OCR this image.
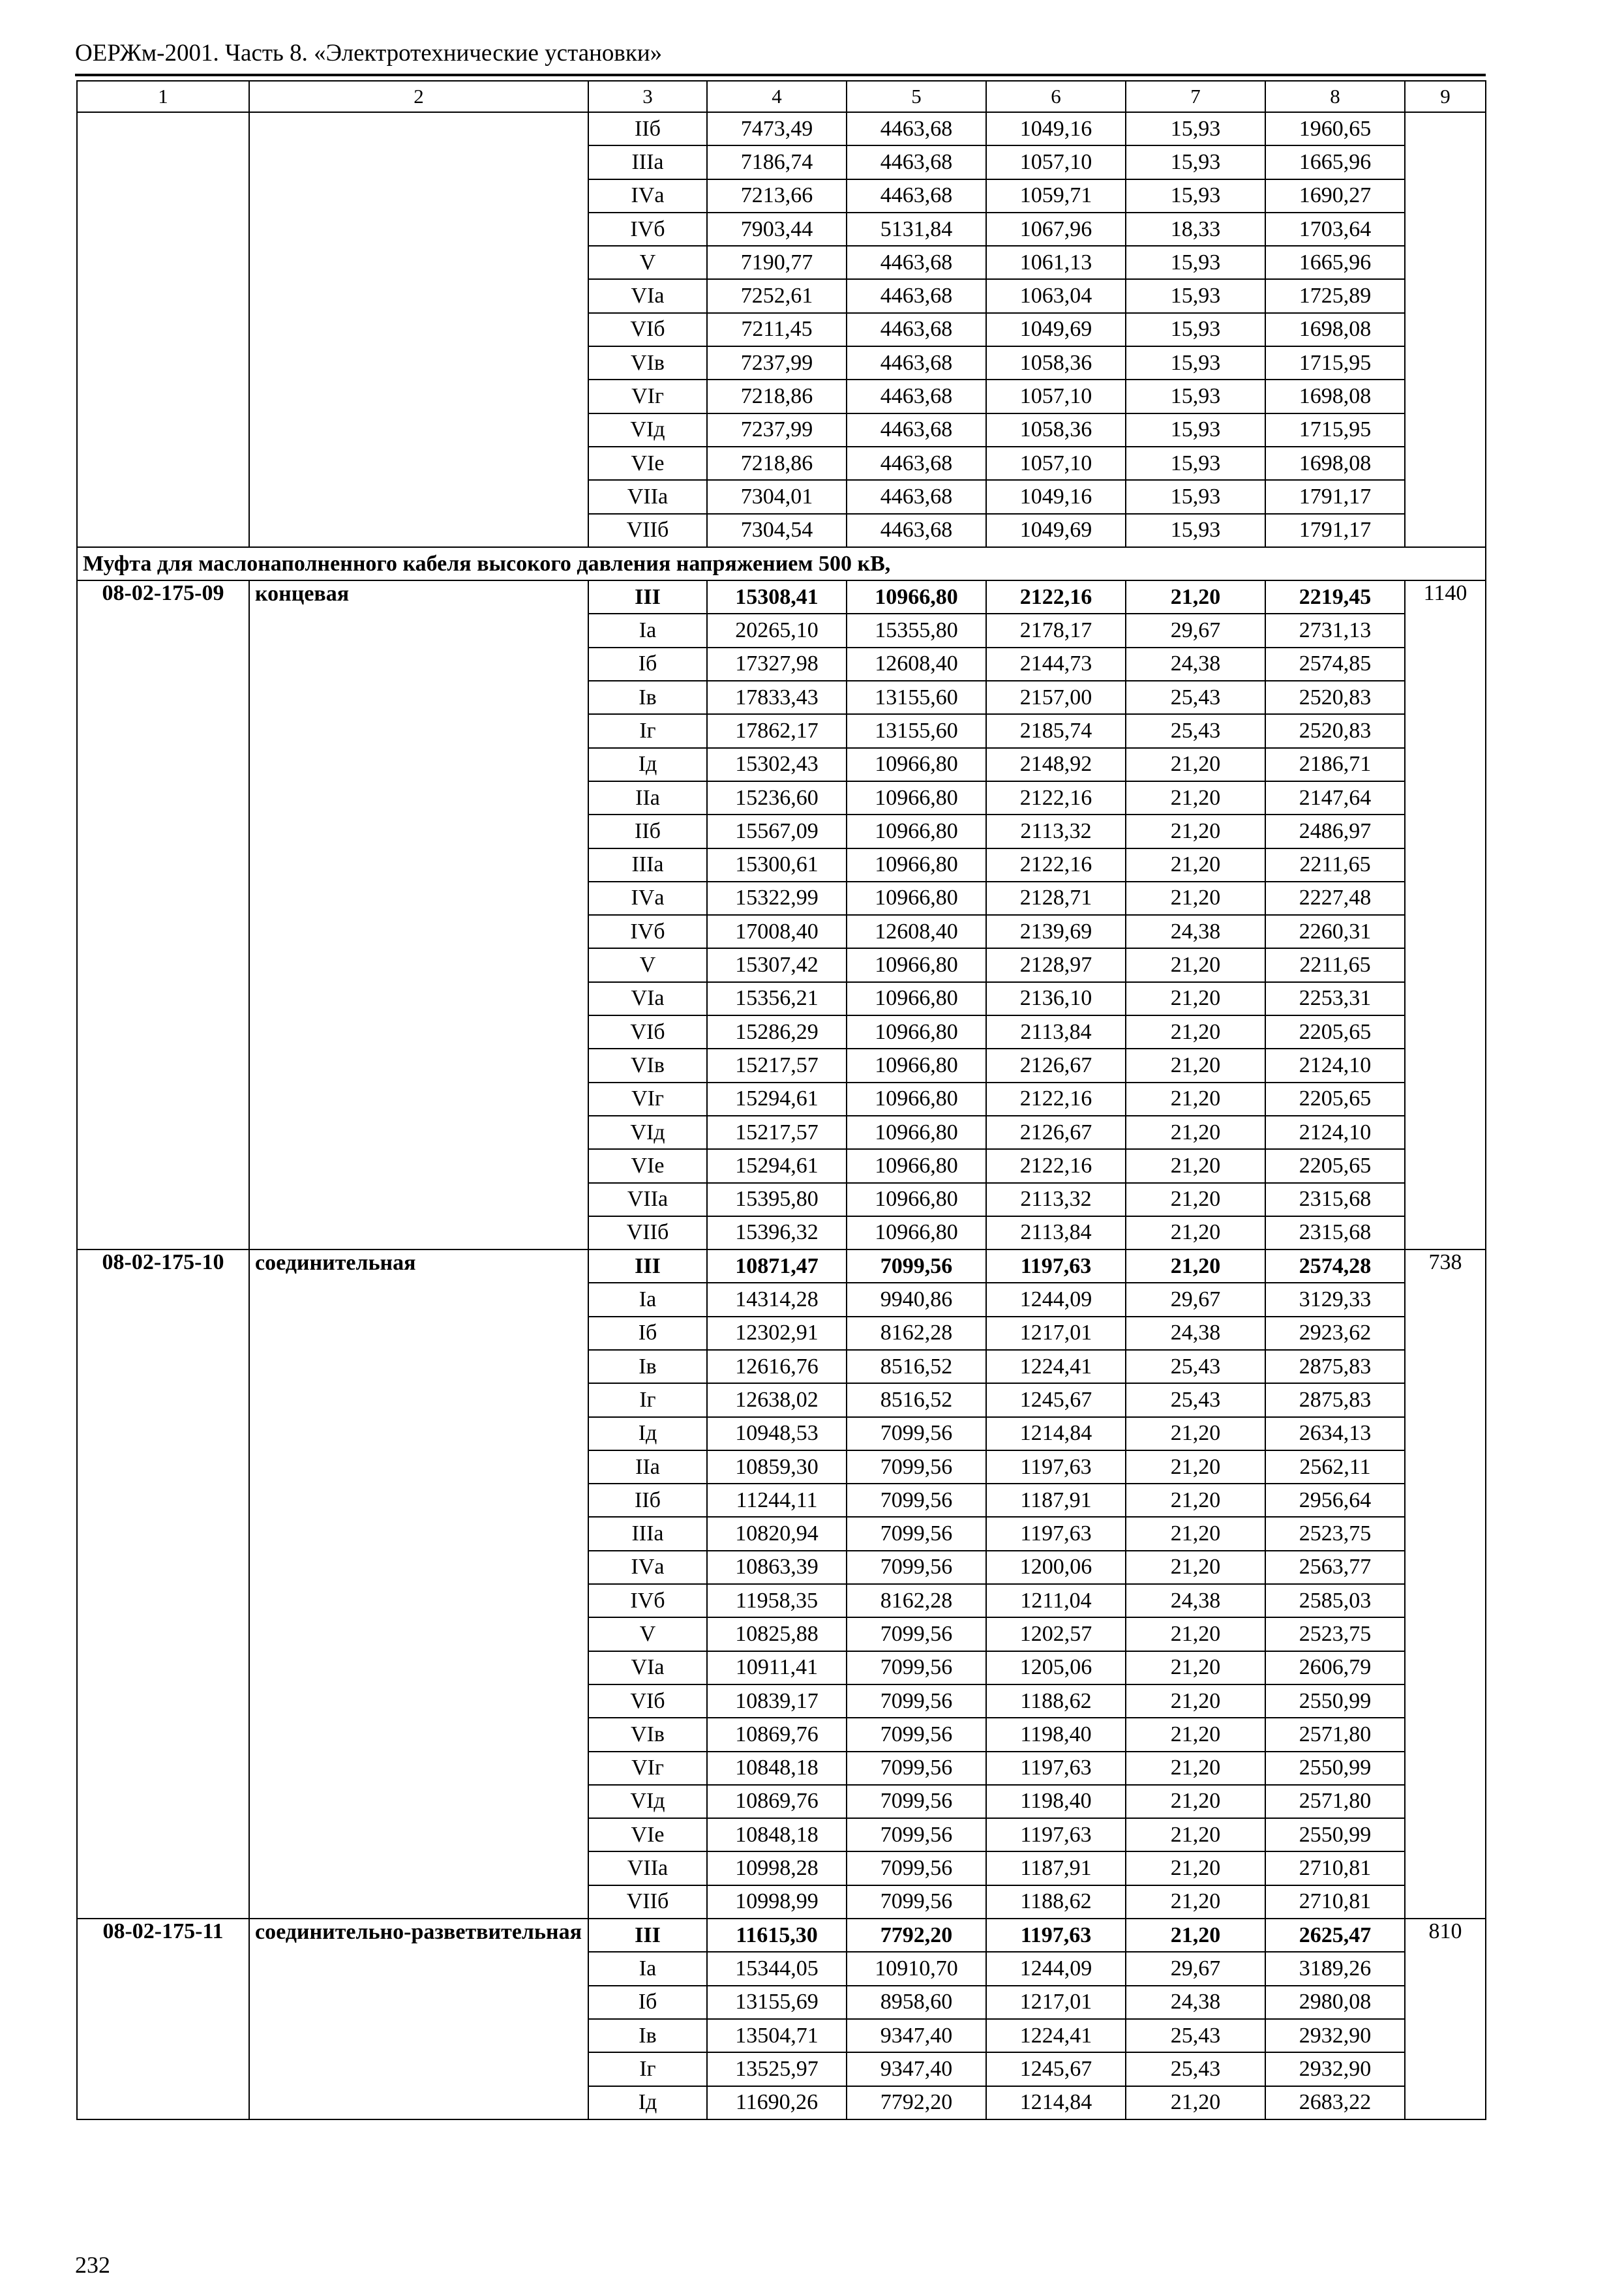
ОЕРЖм-2001. Часть 8. «Электротехнические установки»
1	2	3	4	5	6	7	8	9
		IIб	7473,49	4463,68	1049,16	15,93	1960,65	
		IIIа	7186,74	4463,68	1057,10	15,93	1665,96	
		IVа	7213,66	4463,68	1059,71	15,93	1690,27	
		IVб	7903,44	5131,84	1067,96	18,33	1703,64	
		V	7190,77	4463,68	1061,13	15,93	1665,96	
		VIа	7252,61	4463,68	1063,04	15,93	1725,89	
		VIб	7211,45	4463,68	1049,69	15,93	1698,08	
		VIв	7237,99	4463,68	1058,36	15,93	1715,95	
		VIг	7218,86	4463,68	1057,10	15,93	1698,08	
		VIд	7237,99	4463,68	1058,36	15,93	1715,95	
		VIе	7218,86	4463,68	1057,10	15,93	1698,08	
		VIIа	7304,01	4463,68	1049,16	15,93	1791,17	
		VIIб	7304,54	4463,68	1049,69	15,93	1791,17	
Муфта для маслонаполненного кабеля высокого давления напряжением 500 кВ,								
08-02-175-09	концевая	III	15308,41	10966,80	2122,16	21,20	2219,45	1140
		Iа	20265,10	15355,80	2178,17	29,67	2731,13	
		Iб	17327,98	12608,40	2144,73	24,38	2574,85	
		Iв	17833,43	13155,60	2157,00	25,43	2520,83	
		Iг	17862,17	13155,60	2185,74	25,43	2520,83	
		Iд	15302,43	10966,80	2148,92	21,20	2186,71	
		IIа	15236,60	10966,80	2122,16	21,20	2147,64	
		IIб	15567,09	10966,80	2113,32	21,20	2486,97	
		IIIа	15300,61	10966,80	2122,16	21,20	2211,65	
		IVа	15322,99	10966,80	2128,71	21,20	2227,48	
		IVб	17008,40	12608,40	2139,69	24,38	2260,31	
		V	15307,42	10966,80	2128,97	21,20	2211,65	
		VIа	15356,21	10966,80	2136,10	21,20	2253,31	
		VIб	15286,29	10966,80	2113,84	21,20	2205,65	
		VIв	15217,57	10966,80	2126,67	21,20	2124,10	
		VIг	15294,61	10966,80	2122,16	21,20	2205,65	
		VIд	15217,57	10966,80	2126,67	21,20	2124,10	
		VIе	15294,61	10966,80	2122,16	21,20	2205,65	
		VIIа	15395,80	10966,80	2113,32	21,20	2315,68	
		VIIб	15396,32	10966,80	2113,84	21,20	2315,68	
08-02-175-10	соединительная	III	10871,47	7099,56	1197,63	21,20	2574,28	738
		Iа	14314,28	9940,86	1244,09	29,67	3129,33	
		Iб	12302,91	8162,28	1217,01	24,38	2923,62	
		Iв	12616,76	8516,52	1224,41	25,43	2875,83	
		Iг	12638,02	8516,52	1245,67	25,43	2875,83	
		Iд	10948,53	7099,56	1214,84	21,20	2634,13	
		IIа	10859,30	7099,56	1197,63	21,20	2562,11	
		IIб	11244,11	7099,56	1187,91	21,20	2956,64	
		IIIа	10820,94	7099,56	1197,63	21,20	2523,75	
		IVа	10863,39	7099,56	1200,06	21,20	2563,77	
		IVб	11958,35	8162,28	1211,04	24,38	2585,03	
		V	10825,88	7099,56	1202,57	21,20	2523,75	
		VIа	10911,41	7099,56	1205,06	21,20	2606,79	
		VIб	10839,17	7099,56	1188,62	21,20	2550,99	
		VIв	10869,76	7099,56	1198,40	21,20	2571,80	
		VIг	10848,18	7099,56	1197,63	21,20	2550,99	
		VIд	10869,76	7099,56	1198,40	21,20	2571,80	
		VIе	10848,18	7099,56	1197,63	21,20	2550,99	
		VIIа	10998,28	7099,56	1187,91	21,20	2710,81	
		VIIб	10998,99	7099,56	1188,62	21,20	2710,81	
08-02-175-11	соединительно-разветвительная	III	11615,30	7792,20	1197,63	21,20	2625,47	810
		Iа	15344,05	10910,70	1244,09	29,67	3189,26	
		Iб	13155,69	8958,60	1217,01	24,38	2980,08	
		Iв	13504,71	9347,40	1224,41	25,43	2932,90	
		Iг	13525,97	9347,40	1245,67	25,43	2932,90	
		Iд	11690,26	7792,20	1214,84	21,20	2683,22	
232
